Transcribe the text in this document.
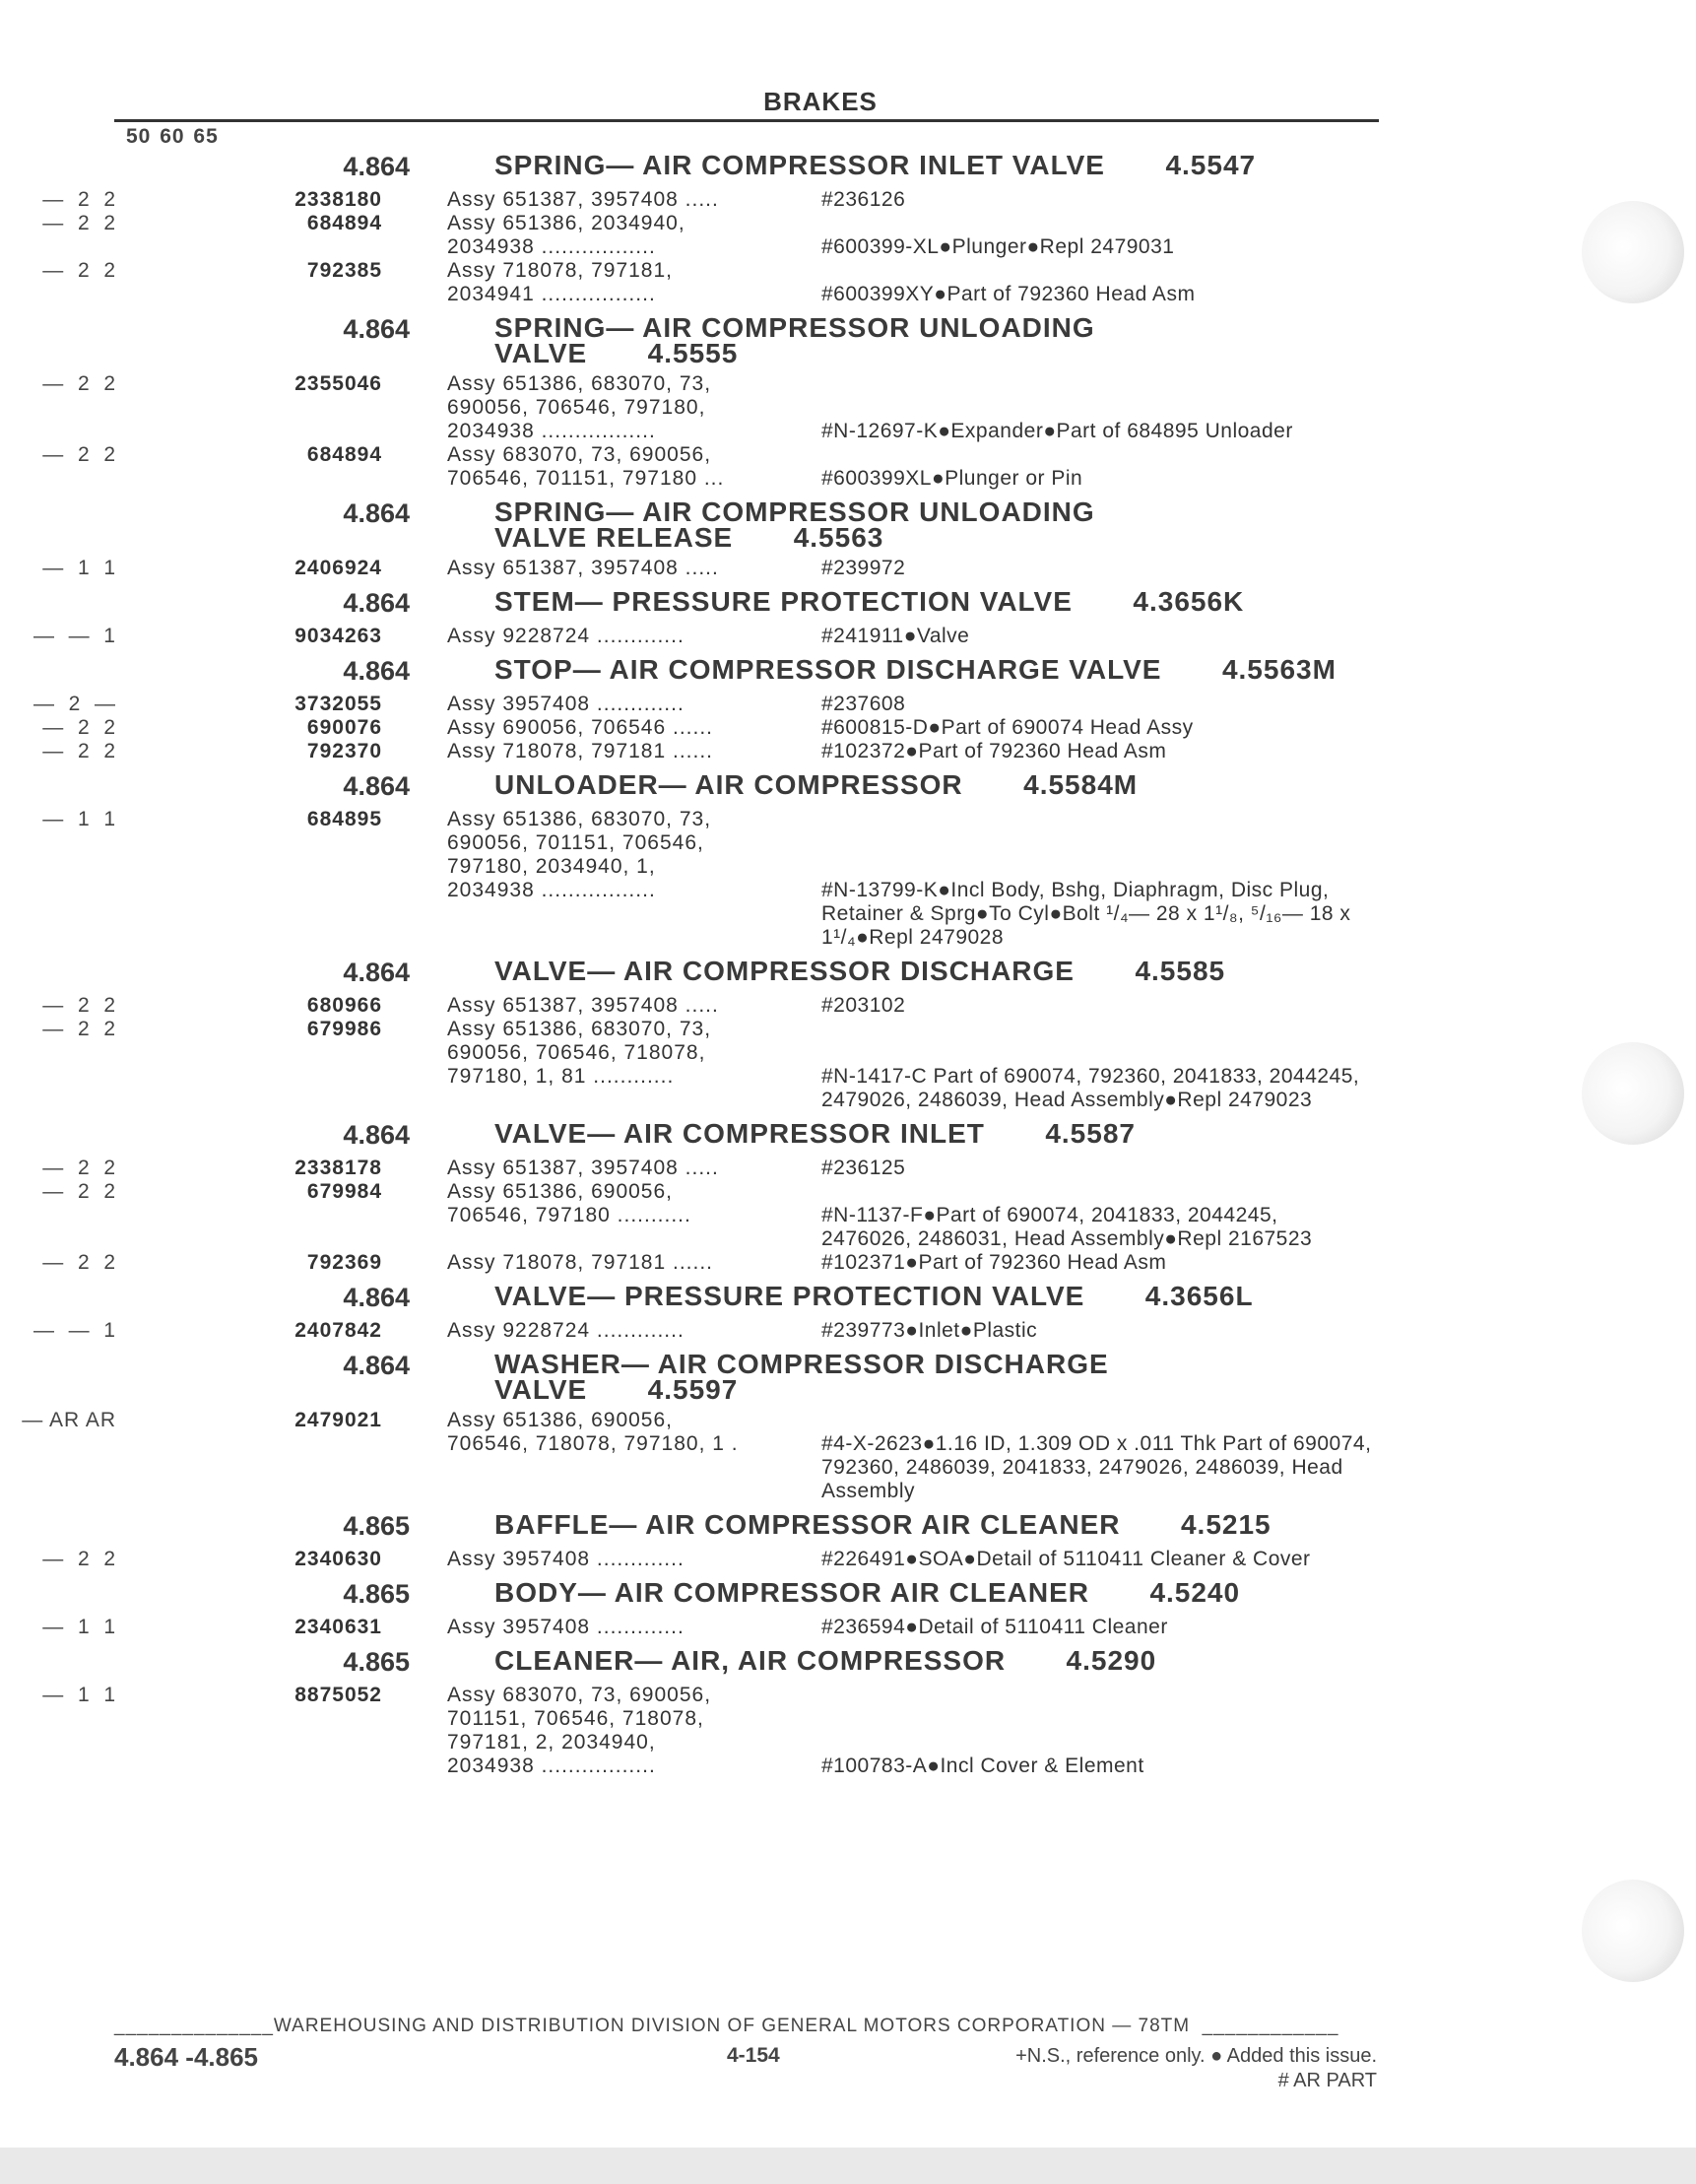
BRAKES
50 60 65
4.864	SPRING— AIR COMPRESSOR INLET VALVE 4.5547
—  2  2	2338180	Assy 651387, 3957408 .....	#236126
—  2  2	684894	Assy 651386, 2034940,
2034938 .................	
#600399-XL●Plunger●Repl 2479031
—  2  2	792385	Assy 718078, 797181,
2034941 .................	
#600399XY●Part of 792360 Head Asm
4.864	SPRING— AIR COMPRESSOR UNLOADING VALVE 4.5555
—  2  2	2355046	Assy 651386, 683070, 73,
690056, 706546, 797180,
2034938 .................	

#N-12697-K●Expander●Part of 684895 Unloader
—  2  2	684894	Assy 683070, 73, 690056,
706546, 701151, 797180 ...	
#600399XL●Plunger or Pin
4.864	SPRING— AIR COMPRESSOR UNLOADING VALVE RELEASE 4.5563
—  1  1	2406924	Assy 651387, 3957408 .....	#239972
4.864	STEM— PRESSURE PROTECTION VALVE 4.3656K
—  —  1	9034263	Assy 9228724 .............	#241911●Valve
4.864	STOP— AIR COMPRESSOR DISCHARGE VALVE 4.5563M
—  2  —	3732055	Assy 3957408 .............	#237608
—  2  2	690076	Assy 690056, 706546 ......	#600815-D●Part of 690074 Head Assy
—  2  2	792370	Assy 718078, 797181 ......	#102372●Part of 792360 Head Asm
4.864	UNLOADER— AIR COMPRESSOR 4.5584M
—  1  1	684895	Assy 651386, 683070, 73,
690056, 701151, 706546,
797180, 2034940, 1,
2034938 .................	

#N-13799-K●Incl Body, Bshg, Diaphragm, Disc Plug, Retainer & Sprg●To Cyl●Bolt ¹/₄— 28 x 1¹/₈, ⁵/₁₆— 18 x 1¹/₄●Repl 2479028
4.864	VALVE— AIR COMPRESSOR DISCHARGE 4.5585
—  2  2	680966	Assy 651387, 3957408 .....	#203102
—  2  2	679986	Assy 651386, 683070, 73,
690056, 706546, 718078,
797180, 1, 81 ............	

#N-1417-C Part of 690074, 792360, 2041833, 2044245, 2479026, 2486039, Head Assembly●Repl 2479023
4.864	VALVE— AIR COMPRESSOR INLET 4.5587
—  2  2	2338178	Assy 651387, 3957408 .....	#236125
—  2  2	679984	Assy 651386, 690056,
706546, 797180 ...........	
#N-1137-F●Part of 690074, 2041833, 2044245, 2476026, 2486031, Head Assembly●Repl 2167523
—  2  2	792369	Assy 718078, 797181 ......	#102371●Part of 792360 Head Asm
4.864	VALVE— PRESSURE PROTECTION VALVE 4.3656L
—  —  1	2407842	Assy 9228724 .............	#239773●Inlet●Plastic
4.864	WASHER— AIR COMPRESSOR DISCHARGE VALVE 4.5597
— AR AR	2479021	Assy 651386, 690056,
706546, 718078, 797180, 1 .	
#4-X-2623●1.16 ID, 1.309 OD x .011 Thk Part of 690074, 792360, 2486039, 2041833, 2479026, 2486039, Head Assembly
4.865	BAFFLE— AIR COMPRESSOR AIR CLEANER 4.5215
—  2  2	2340630	Assy 3957408 .............	#226491●SOA●Detail of 5110411 Cleaner & Cover
4.865	BODY— AIR COMPRESSOR AIR CLEANER 4.5240
—  1  1	2340631	Assy 3957408 .............	#236594●Detail of 5110411 Cleaner
4.865	CLEANER— AIR, AIR COMPRESSOR 4.5290
—  1  1	8875052	Assy 683070, 73, 690056,
701151, 706546, 718078,
797181, 2, 2034940,
2034938 .................	

#100783-A●Incl Cover & Element
______________WAREHOUSING AND DISTRIBUTION DIVISION OF GENERAL MOTORS CORPORATION — 78TM  ____________
4.864 -4.865	4-154	+N.S., reference only. ● Added this issue.
# AR PART
